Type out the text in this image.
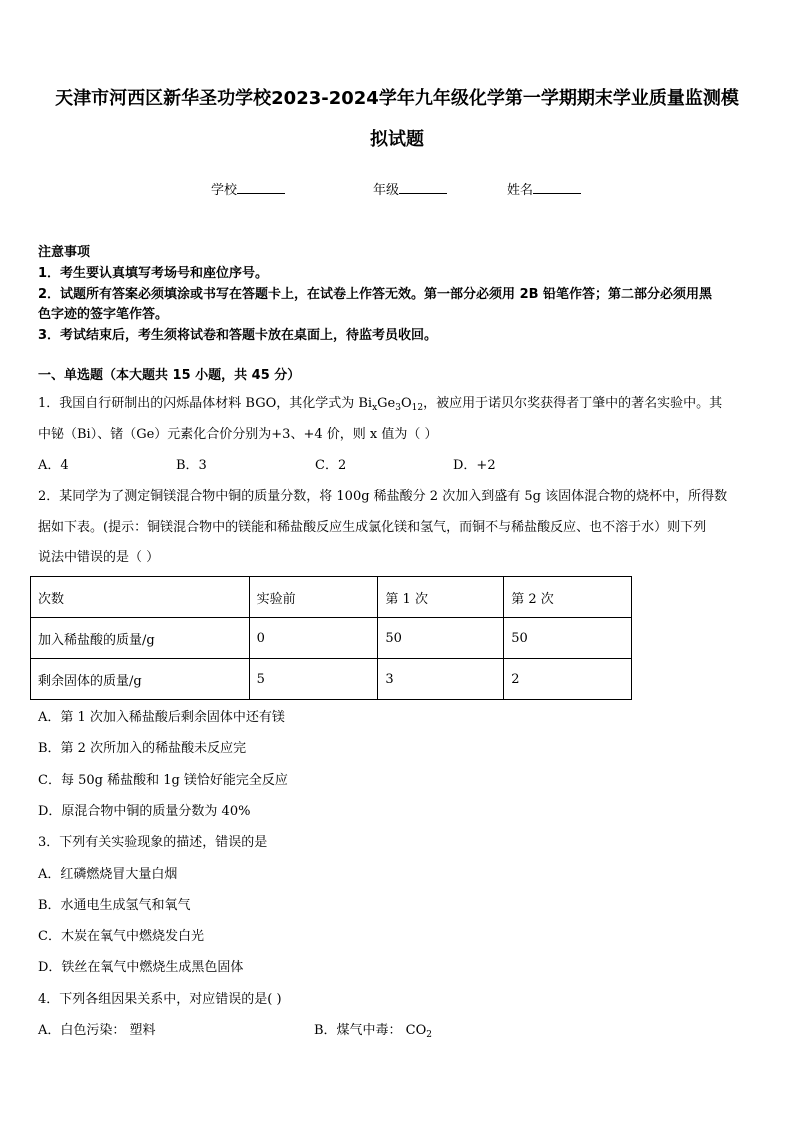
天津市河西区新华圣功学校2023-2024学年九年级化学第一学期期末学业质量监测模
拟试题
学校	年级	姓名
注意事项
1．考生要认真填写考场号和座位序号。
2．试题所有答案必须填涂或书写在答题卡上，在试卷上作答无效。第一部分必须用 2B 铅笔作答；第二部分必须用黑
色字迹的签字笔作答。
3．考试结束后，考生须将试卷和答题卡放在桌面上，待监考员收回。
一、单选题（本大题共 15 小题，共 45 分）
1．我国自行研制出的闪烁晶体材料 BGO，其化学式为 $Bi_xGe_3O_{12}$，被应用于诺贝尔奖获得者丁肇中的著名实验中。其
中铋（Bi）、锗（Ge）元素化合价分别为+3、+4 价，则 x 值为（ ）
A．4	B．3	C．2	D．+2
2．某同学为了测定铜镁混合物中铜的质量分数，将 100g 稀盐酸分 2 次加入到盛有 5g 该固体混合物的烧杯中，所得数
据如下表。(提示：铜镁混合物中的镁能和稀盐酸反应生成氯化镁和氢气，而铜不与稀盐酸反应、也不溶于水）则下列
说法中错误的是（ ）
次数	实验前	第 1 次	第 2 次
加入稀盐酸的质量/g	0	50	50
剩余固体的质量/g	5	3	2
A．第 1 次加入稀盐酸后剩余固体中还有镁
B．第 2 次所加入的稀盐酸未反应完
C．每 50g 稀盐酸和 1g 镁恰好能完全反应
D．原混合物中铜的质量分数为 40%
3．下列有关实验现象的描述，错误的是
A．红磷燃烧冒大量白烟
B．水通电生成氢气和氧气
C．木炭在氧气中燃烧发白光
D．铁丝在氧气中燃烧生成黑色固体
4．下列各组因果关系中，对应错误的是( )
A．白色污染： 塑料	B．煤气中毒： $CO_2$
